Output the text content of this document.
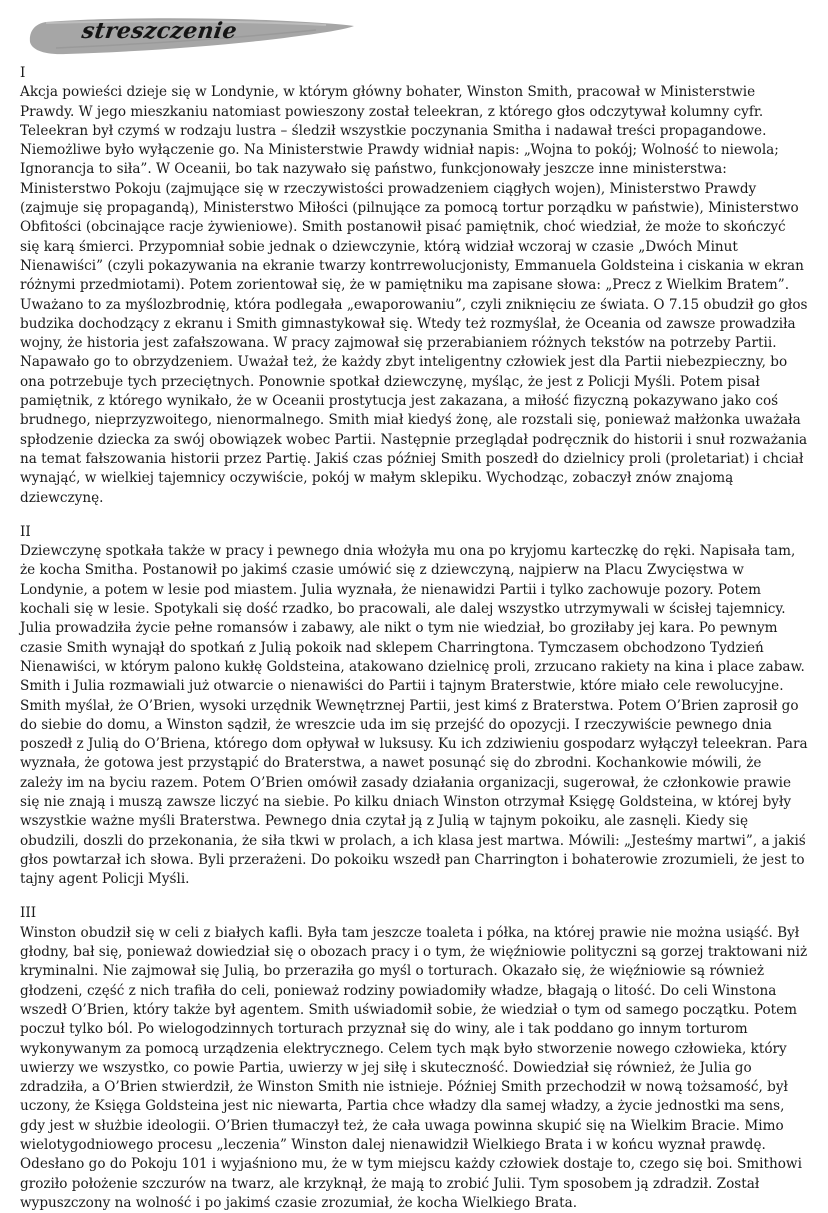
streszczenie

I

Akcja powieści dzieje się w Londynie, w którym główny bohater, Winston Smith, pracował w Ministerstwie Prawdy. W jego mieszkaniu natomiast powieszony został teleekran, z którego głos odczytywał kolumny cyfr. Teleekran był czymś w rodzaju lustra – śledził wszystkie poczynania Smitha i nadawał treści propagandowe. Niemożliwe było wyłączenie go. Na Ministerstwie Prawdy widniał napis: „Wojna to pokój; Wolność to niewola; Ignorancja to siła”. W Oceanii, bo tak nazywało się państwo, funkcjonowały jeszcze inne ministerstwa: Ministerstwo Pokoju (zajmujące się w rzeczywistości prowadzeniem ciągłych wojen), Ministerstwo Prawdy (zajmuje się propagandą), Ministerstwo Miłości (pilnujące za pomocą tortur porządku w państwie), Ministerstwo Obfitości (obcinające racje żywieniowe). Smith postanowił pisać pamiętnik, choć wiedział, że może to skończyć się karą śmierci. Przypomniał sobie jednak o dziewczynie, którą widział wczoraj w czasie „Dwóch Minut Nienawiści” (czyli pokazywania na ekranie twarzy kontrrewolucjonisty, Emmanuela Goldsteina i ciskania w ekran różnymi przedmiotami). Potem zorientował się, że w pamiętniku ma zapisane słowa: „Precz z Wielkim Bratem”. Uważano to za myślozbrodnię, która podlegała „ewaporowaniu”, czyli zniknięciu ze świata. O 7.15 obudził go głos budzika dochodzący z ekranu i Smith gimnastykował się. Wtedy też rozmyślał, że Oceania od zawsze prowadziła wojny, że historia jest zafałszowana. W pracy zajmował się przerabianiem różnych tekstów na potrzeby Partii. Napawało go to obrzydzeniem. Uważał też, że każdy zbyt inteligentny człowiek jest dla Partii niebezpieczny, bo ona potrzebuje tych przeciętnych. Ponownie spotkał dziewczynę, myśląc, że jest z Policji Myśli. Potem pisał pamiętnik, z którego wynikało, że w Oceanii prostytucja jest zakazana, a miłość fizyczną pokazywano jako coś brudnego, nieprzyzwoitego, nienormalnego. Smith miał kiedyś żonę, ale rozstali się, ponieważ małżonka uważała spłodzenie dziecka za swój obowiązek wobec Partii. Następnie przeglądał podręcznik do historii i snuł rozważania na temat fałszowania historii przez Partię. Jakiś czas później Smith poszedł do dzielnicy proli (proletariat) i chciał wynająć, w wielkiej tajemnicy oczywiście, pokój w małym sklepiku. Wychodząc, zobaczył znów znajomą dziewczynę.

II

Dziewczynę spotkała także w pracy i pewnego dnia włożyła mu ona po kryjomu karteczkę do ręki. Napisała tam, że kocha Smitha. Postanowił po jakimś czasie umówić się z dziewczyną, najpierw na Placu Zwycięstwa w Londynie, a potem w lesie pod miastem. Julia wyznała, że nienawidzi Partii i tylko zachowuje pozory. Potem kochali się w lesie. Spotykali się dość rzadko, bo pracowali, ale dalej wszystko utrzymywali w ścisłej tajemnicy. Julia prowadziła życie pełne romansów i zabawy, ale nikt o tym nie wiedział, bo groziłaby jej kara. Po pewnym czasie Smith wynajął do spotkań z Julią pokoik nad sklepem Charringtona. Tymczasem obchodzono Tydzień Nienawiści, w którym palono kukłę Goldsteina, atakowano dzielnicę proli, zrzucano rakiety na kina i place zabaw. Smith i Julia rozmawiali już otwarcie o nienawiści do Partii i tajnym Braterstwie, które miało cele rewolucyjne. Smith myślał, że O’Brien, wysoki urzędnik Wewnętrznej Partii, jest kimś z Braterstwa. Potem O’Brien zaprosił go do siebie do domu, a Winston sądził, że wreszcie uda im się przejść do opozycji. I rzeczywiście pewnego dnia poszedł z Julią do O’Briena, którego dom opływał w luksusy. Ku ich zdziwieniu gospodarz wyłączył teleekran. Para wyznała, że gotowa jest przystąpić do Braterstwa, a nawet posunąć się do zbrodni. Kochankowie mówili, że zależy im na byciu razem. Potem O’Brien omówił zasady działania organizacji, sugerował, że członkowie prawie się nie znają i muszą zawsze liczyć na siebie. Po kilku dniach Winston otrzymał Księgę Goldsteina, w której były wszystkie ważne myśli Braterstwa. Pewnego dnia czytał ją z Julią w tajnym pokoiku, ale zasnęli. Kiedy się obudzili, doszli do przekonania, że siła tkwi w prolach, a ich klasa jest martwa. Mówili: „Jesteśmy martwi”, a jakiś głos powtarzał ich słowa. Byli przerażeni. Do pokoiku wszedł pan Charrington i bohaterowie zrozumieli, że jest to tajny agent Policji Myśli.

III

Winston obudził się w celi z białych kafli. Była tam jeszcze toaleta i półka, na której prawie nie można usiąść. Był głodny, bał się, ponieważ dowiedział się o obozach pracy i o tym, że więźniowie polityczni są gorzej traktowani niż kryminalni. Nie zajmował się Julią, bo przeraziła go myśl o torturach. Okazało się, że więźniowie są również głodzeni, część z nich trafiła do celi, ponieważ rodziny powiadomiły władze, błagają o litość. Do celi Winstona wszedł O’Brien, który także był agentem. Smith uświadomił sobie, że wiedział o tym od samego początku. Potem poczuł tylko ból. Po wielogodzinnych torturach przyznał się do winy, ale i tak poddano go innym torturom wykonywanym za pomocą urządzenia elektrycznego. Celem tych mąk było stworzenie nowego człowieka, który uwierzy we wszystko, co powie Partia, uwierzy w jej siłę i skuteczność. Dowiedział się również, że Julia go zdradziła, a O’Brien stwierdził, że Winston Smith nie istnieje. Później Smith przechodził w nową tożsamość, był uczony, że Księga Goldsteina jest nic niewarta, Partia chce władzy dla samej władzy, a życie jednostki ma sens, gdy jest w służbie ideologii. O’Brien tłumaczył też, że cała uwaga powinna skupić się na Wielkim Bracie. Mimo wielotygodniowego procesu „leczenia” Winston dalej nienawidził Wielkiego Brata i w końcu wyznał prawdę. Odesłano go do Pokoju 101 i wyjaśniono mu, że w tym miejscu każdy człowiek dostaje to, czego się boi. Smithowi groziło położenie szczurów na twarz, ale krzyknął, że mają to zrobić Julii. Tym sposobem ją zdradził. Został wypuszczony na wolność i po jakimś czasie zrozumiał, że kocha Wielkiego Brata.
